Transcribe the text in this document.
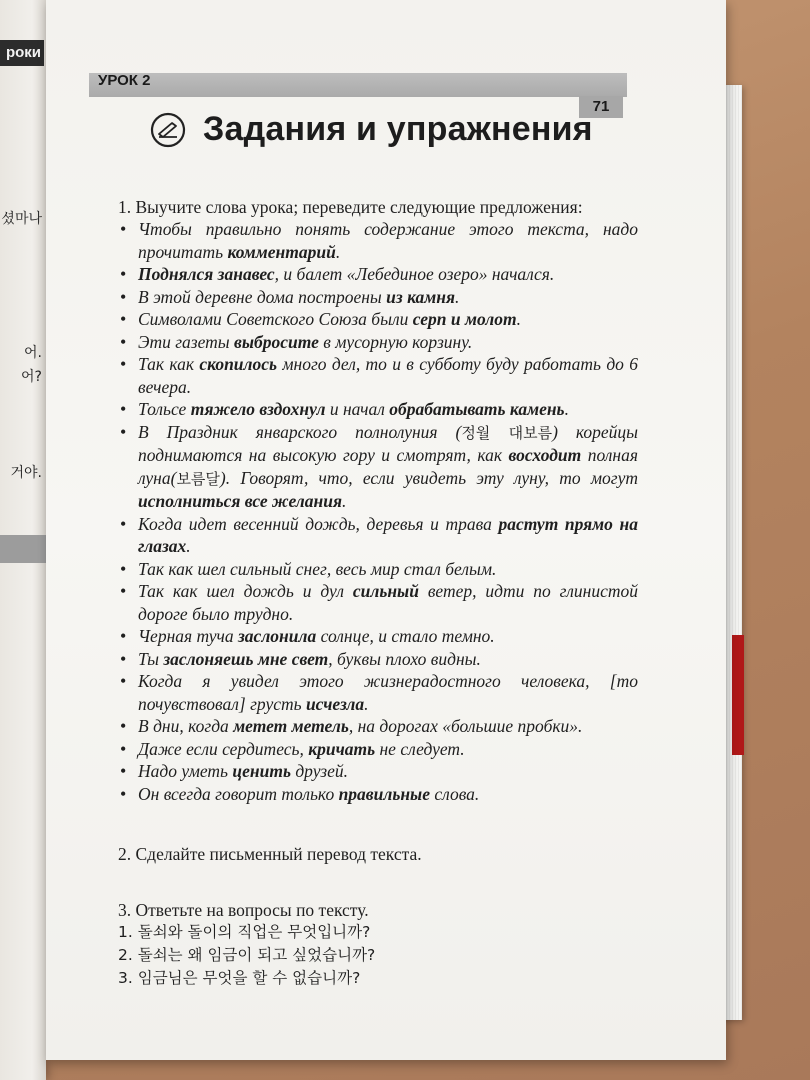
роки
셨마나
어.
어?
거야.
УРОК 2
71
Задания и упражнения
1. Выучите слова урока; переведите следующие предложения:
• Чтобы правильно понять содержание этого текста, надо прочитать комментарий.
• Поднялся занавес, и балет «Лебединое озеро» начался.
• В этой деревне дома построены из камня.
• Символами Советского Союза были серп и молот.
• Эти газеты выбросите в мусорную корзину.
• Так как скопилось много дел, то и в субботу буду работать до 6 вечера.
• Тольсе тяжело вздохнул и начал обрабатывать камень.
• В Праздник январского полнолуния (정월 대보름) корейцы поднимаются на высокую гору и смотрят, как восходит полная луна(보름달). Говорят, что, если увидеть эту луну, то могут исполниться все желания.
• Когда идет весенний дождь, деревья и трава растут прямо на глазах.
• Так как шел сильный снег, весь мир стал белым.
• Так как шел дождь и дул сильный ветер, идти по глинистой дороге было трудно.
• Черная туча заслонила солнце, и стало темно.
• Ты заслоняешь мне свет, буквы плохо видны.
• Когда я увидел этого жизнерадостного человека, [то почувствовал] грусть исчезла.
• В дни, когда метет метель, на дорогах «большие пробки».
• Даже если сердитесь, кричать не следует.
• Надо уметь ценить друзей.
• Он всегда говорит только правильные слова.
2. Сделайте письменный перевод текста.
3. Ответьте на вопросы по тексту.
1. 돌쇠와 돌이의 직업은 무엇입니까?
2. 돌쇠는 왜 임금이 되고 싶었습니까?
3. 임금님은 무엇을 할 수 없습니까?
